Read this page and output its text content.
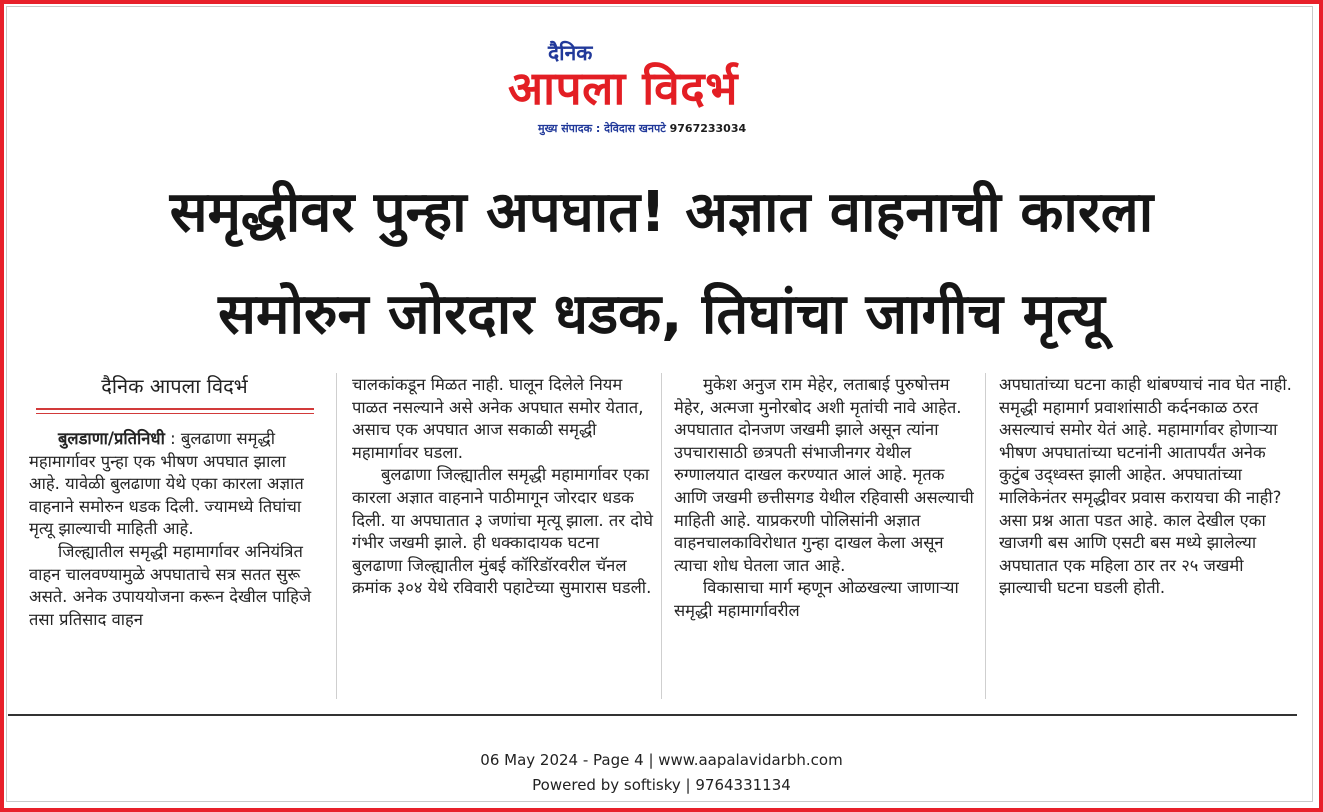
दैनिक
आपला विदर्भ
मुख्य संपादक : देविदास खनपटे 9767233034
समृद्धीवर पुन्हा अपघात! अज्ञात वाहनाची कारला
समोरुन जोरदार धडक, तिघांचा जागीच मृत्यू
दैनिक आपला विदर्भ

बुलडाणा/प्रतिनिधी : बुलढाणा समृद्धी महामार्गावर पुन्हा एक भीषण अपघात झाला आहे. यावेळी बुलढाणा येथे एका कारला अज्ञात वाहनाने समोरुन धडक दिली. ज्यामध्ये तिघांचा मृत्यू झाल्याची माहिती आहे.

जिल्ह्यातील समृद्धी महामार्गावर अनियंत्रित वाहन चालवण्यामुळे अपघाताचे सत्र सतत सुरू असते. अनेक उपाययोजना करून देखील पाहिजे तसा प्रतिसाद वाहन

चालकांकडून मिळत नाही. घालून दिलेले नियम पाळत नसल्याने असे अनेक अपघात समोर येतात, असाच एक अपघात आज सकाळी समृद्धी महामार्गावर घडला.

बुलढाणा जिल्ह्यातील समृद्धी महामार्गावर एका कारला अज्ञात वाहनाने पाठीमागून जोरदार धडक दिली. या अपघातात ३ जणांचा मृत्यू झाला. तर दोघे गंभीर जखमी झाले. ही धक्कादायक घटना बुलढाणा जिल्ह्यातील मुंबई कॉरिडॉरवरील चॅनल क्रमांक ३०४ येथे रविवारी पहाटेच्या सुमारास घडली.

मुकेश अनुज राम मेहेर, लताबाई पुरुषोत्तम मेहेर, अत्मजा मुनोरबोद अशी मृतांची नावे आहेत. अपघातात दोनजण जखमी झाले असून त्यांना उपचारासाठी छत्रपती संभाजीनगर येथील रुग्णालयात दाखल करण्यात आलं आहे. मृतक आणि जखमी छत्तीसगड येथील रहिवासी असल्याची माहिती आहे. याप्रकरणी पोलिसांनी अज्ञात वाहनचालकाविरोधात गुन्हा दाखल केला असून त्याचा शोध घेतला जात आहे.

विकासाचा मार्ग म्हणून ओळखल्या जाणाऱ्या समृद्धी महामार्गावरील

अपघातांच्या घटना काही थांबण्याचं नाव घेत नाही. समृद्धी महामार्ग प्रवाशांसाठी कर्दनकाळ ठरत असल्याचं समोर येतं आहे. महामार्गावर होणाऱ्या भीषण अपघातांच्या घटनांनी आतापर्यंत अनेक कुटुंब उद्ध्वस्त झाली आहेत. अपघातांच्या मालिकेनंतर समृद्धीवर प्रवास करायचा की नाही? असा प्रश्न आता पडत आहे. काल देखील एका खाजगी बस आणि एसटी बस मध्ये झालेल्या अपघातात एक महिला ठार तर २५ जखमी झाल्याची घटना घडली होती.

06 May 2024 - Page 4 | www.aapalavidarbh.com
Powered by softisky | 9764331134
